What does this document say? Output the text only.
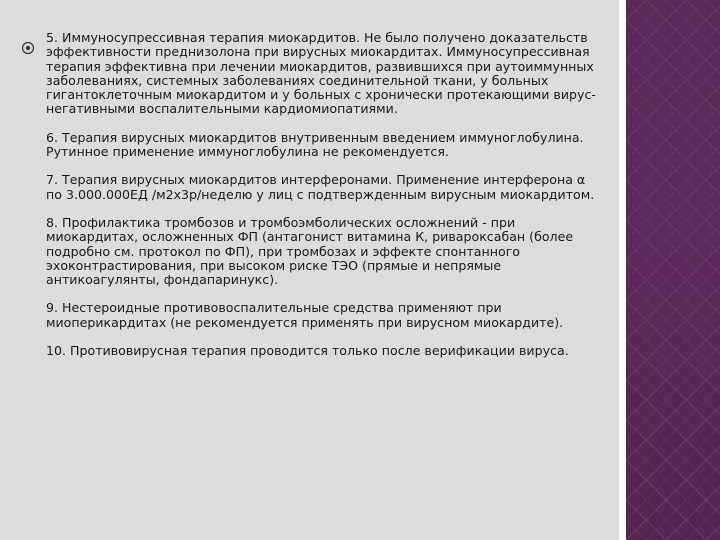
5. Иммуносупрессивная терапия миокардитов. Не было получено доказательств эффективности преднизолона при вирусных миокардитах. Иммуносупрессивная терапия эффективна при лечении миокардитов, развившихся при аутоиммунных заболеваниях, системных заболеваниях соединительной ткани, у больных гигантоклеточным миокардитом и у больных с хронически протекающими вирус-негативными воспалительными кардиомиопатиями.

6. Терапия вирусных миокардитов внутривенным введением иммуноглобулина. Рутинное применение иммуноглобулина не рекомендуется.

7. Терапия вирусных миокардитов интерферонами. Применение интерферона α по 3.000.000ЕД /м2х3р/неделю у лиц с подтвержденным вирусным миокардитом.

8. Профилактика тромбозов и тромбоэмболических осложнений - при миокардитах, осложненных ФП (антагонист витамина К, ривароксабан (более подробно см. протокол по ФП), при тромбозах и эффекте спонтанного эхоконтрастирования, при высоком риске ТЭО (прямые и непрямые антикоагулянты, фондапаринукс).

9. Нестероидные противовоспалительные средства применяют при миоперикардитах (не рекомендуется применять при вирусном миокардите).

10. Противовирусная терапия проводится только после верификации вируса.
